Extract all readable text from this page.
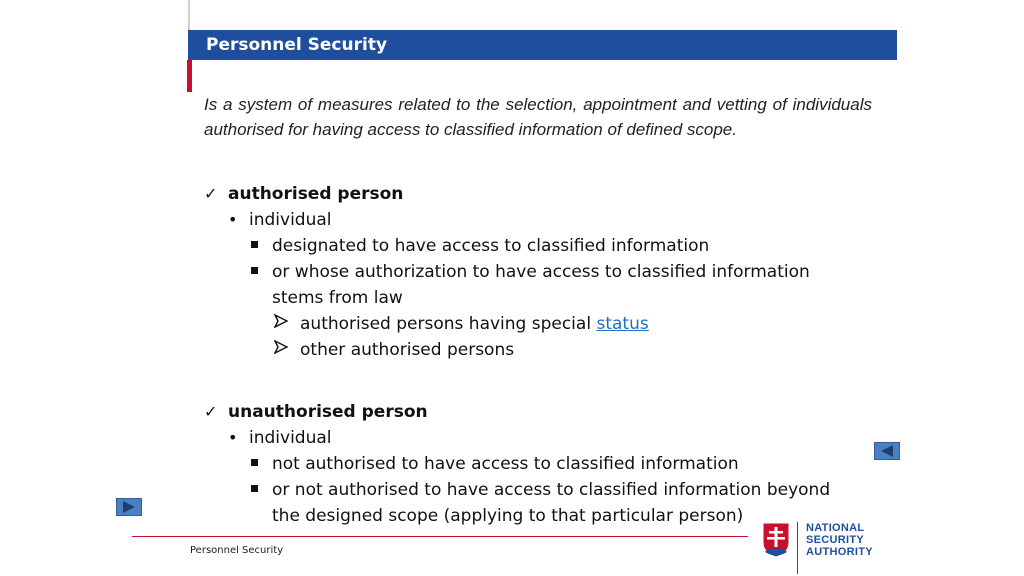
Personnel Security
Is a system of measures related to the selection, appointment and vetting of individuals authorised for having access to classified information of defined scope.
✓ authorised person
• individual
designated to have access to classified information
or whose authorization to have access to classified information
stems from law
authorised persons having special status
other authorised persons
✓ unauthorised person
• individual
not authorised to have access to classified information
or not authorised to have access to classified information beyond
the designed scope (applying to that particular person)
Personnel Security
NATIONAL
SECURITY
AUTHORITY
